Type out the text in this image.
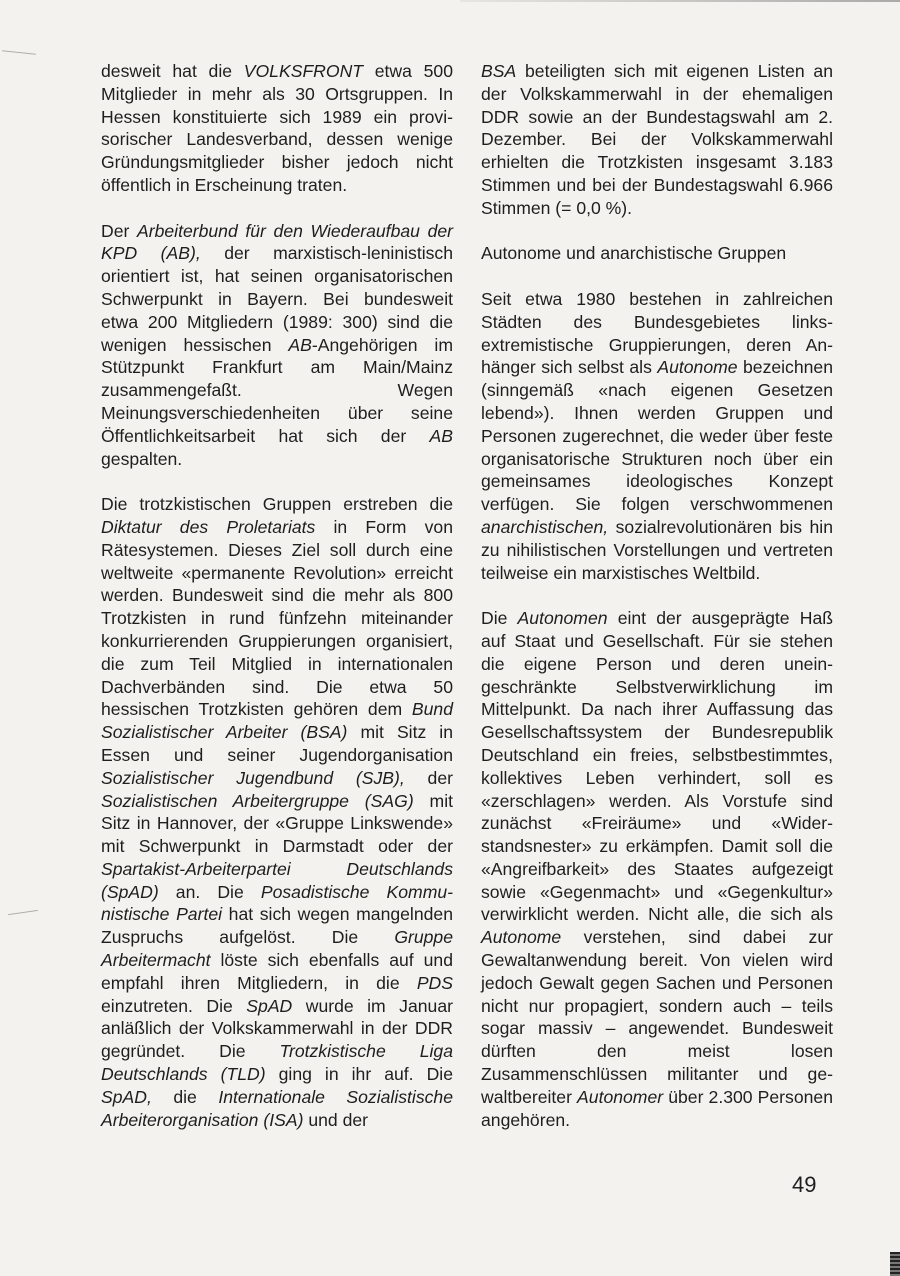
desweit hat die VOLKSFRONT etwa 500 Mitglieder in mehr als 30 Ortsgruppen. In Hessen konstituierte sich 1989 ein provisorischer Landesverband, dessen wenige Gründungsmitglieder bisher jedoch nicht öffentlich in Erscheinung traten.

Der Arbeiterbund für den Wiederaufbau der KPD (AB), der marxistisch-leninistisch orientiert ist, hat seinen organisatorischen Schwerpunkt in Bayern. Bei bundesweit etwa 200 Mitgliedern (1989: 300) sind die wenigen hessischen AB-Angehörigen im Stützpunkt Frankfurt am Main/Mainz zusammengefaßt. Wegen Meinungsverschiedenheiten über seine Öffentlichkeitsarbeit hat sich der AB gespalten.

Die trotzkistischen Gruppen erstreben die Diktatur des Proletariats in Form von Rätesystemen. Dieses Ziel soll durch eine weltweite «permanente Revolution» erreicht werden. Bundesweit sind die mehr als 800 Trotzkisten in rund fünfzehn miteinander konkurrierenden Gruppierungen organisiert, die zum Teil Mitglied in internationalen Dachverbänden sind. Die etwa 50 hessischen Trotzkisten gehören dem Bund Sozialistischer Arbeiter (BSA) mit Sitz in Essen und seiner Jugendorganisation Sozialistischer Jugendbund (SJB), der Sozialistischen Arbeitergruppe (SAG) mit Sitz in Hannover, der «Gruppe Linkswende» mit Schwerpunkt in Darmstadt oder der Spartakist-Arbeiterpartei Deutschlands (SpAD) an. Die Posadistische Kommunistische Partei hat sich wegen mangelnden Zuspruchs aufgelöst. Die Gruppe Arbeitermacht löste sich ebenfalls auf und empfahl ihren Mitgliedern, in die PDS einzutreten. Die SpAD wurde im Januar anläßlich der Volkskammerwahl in der DDR gegründet. Die Trotzkistische Liga Deutschlands (TLD) ging in ihr auf. Die SpAD, die Internationale Sozialistische Arbeiterorganisation (ISA) und der

BSA beteiligten sich mit eigenen Listen an der Volkskammerwahl in der ehemaligen DDR sowie an der Bundestagswahl am 2. Dezember. Bei der Volkskammerwahl erhielten die Trotzkisten insgesamt 3.183 Stimmen und bei der Bundestagswahl 6.966 Stimmen (= 0,0 %).

Autonome und anarchistische Gruppen

Seit etwa 1980 bestehen in zahlreichen Städten des Bundesgebietes linksextremistische Gruppierungen, deren Anhänger sich selbst als Autonome bezeichnen (sinngemäß «nach eigenen Gesetzen lebend»). Ihnen werden Gruppen und Personen zugerechnet, die weder über feste organisatorische Strukturen noch über ein gemeinsames ideologisches Konzept verfügen. Sie folgen verschwommenen anarchistischen, sozialrevolutionären bis hin zu nihilistischen Vorstellungen und vertreten teilweise ein marxistisches Weltbild.

Die Autonomen eint der ausgeprägte Haß auf Staat und Gesellschaft. Für sie stehen die eigene Person und deren uneingeschränkte Selbstverwirklichung im Mittelpunkt. Da nach ihrer Auffassung das Gesellschaftssystem der Bundesrepublik Deutschland ein freies, selbstbestimmtes, kollektives Leben verhindert, soll es «zerschlagen» werden. Als Vorstufe sind zunächst «Freiräume» und «Widerstandsnester» zu erkämpfen. Damit soll die «Angreifbarkeit» des Staates aufgezeigt sowie «Gegenmacht» und «Gegenkultur» verwirklicht werden. Nicht alle, die sich als Autonome verstehen, sind dabei zur Gewaltanwendung bereit. Von vielen wird jedoch Gewalt gegen Sachen und Personen nicht nur propagiert, sondern auch – teils sogar massiv – angewendet. Bundesweit dürften den meist losen Zusammenschlüssen militanter und gewaltbereiter Autonomer über 2.300 Personen angehören.

49
